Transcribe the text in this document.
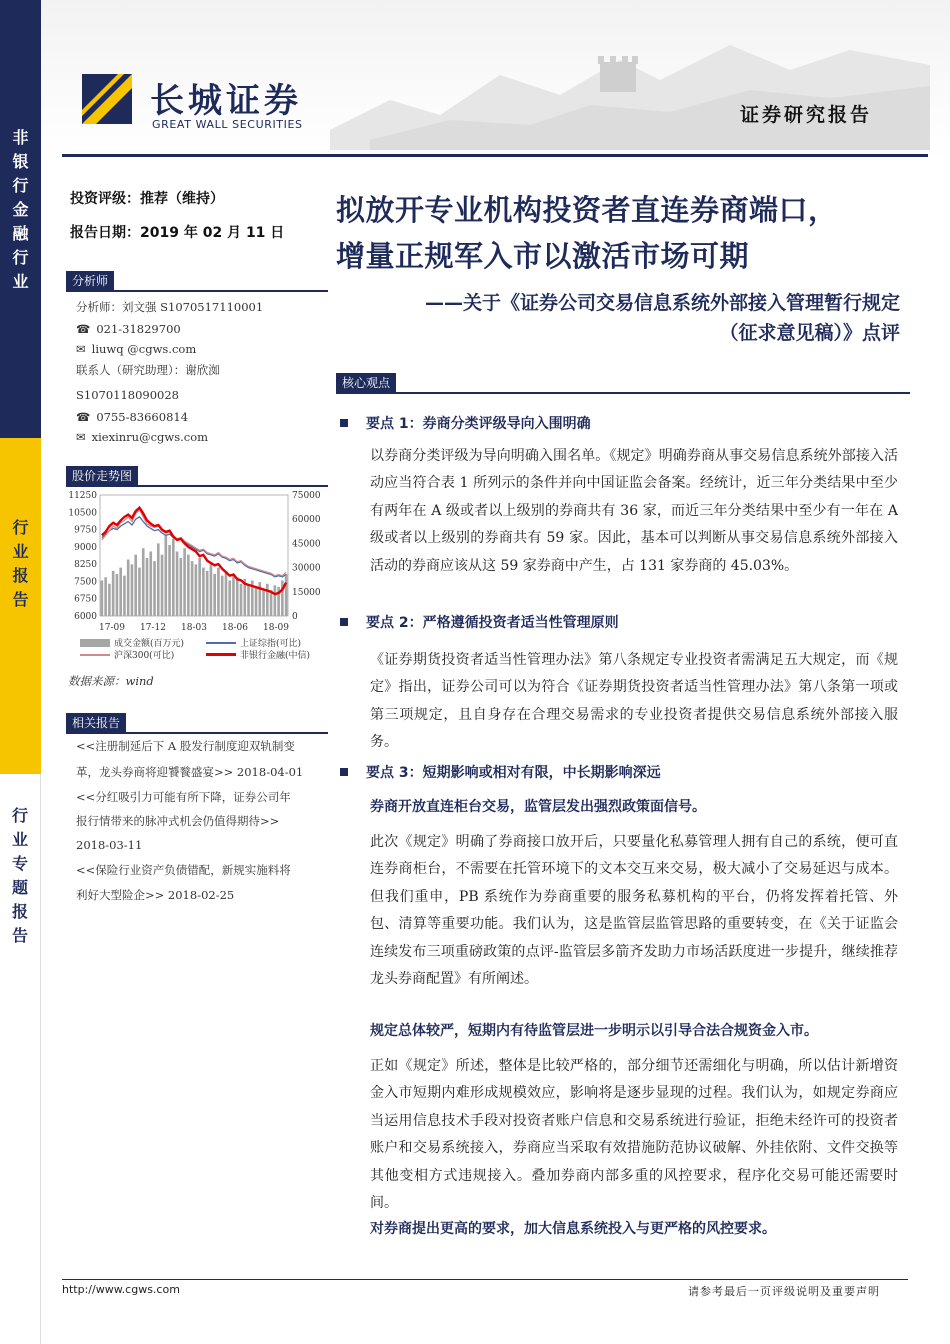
非
银
行
金
融
行
业
行
业
报
告
行
业
专
题
报
告
长城证券
GREAT WALL SECURITIES	证券研究报告
投资评级：推荐（维持）
报告日期：2019 年 02 月 11 日
分析师
分析师：刘文强 S1070517110001
☎ 021-31829700
✉ liuwq @cgws.com
联系人（研究助理）：谢欣洳
S1070118090028
☎ 0755-83660814
✉ xiexinru@cgws.com
股价走势图
11250
10500
9750
9000
8250
7500
6750
6000
75000
60000
45000
30000
15000
0
17-09 17-12 18-03 18-06 18-09
成交金额(百万元)	上证综指(可比)
沪深300(可比)	非银行金融(中信)
数据来源：wind
相关报告
<<注册制延后下 A 股发行制度迎双轨制变
革，龙头券商将迎饕餮盛宴>> 2018-04-01
<<分红吸引力可能有所下降，证券公司年
报行情带来的脉冲式机会仍值得期待>>
2018-03-11
<<保险行业资产负债错配，新规实施料将
利好大型险企>> 2018-02-25
拟放开专业机构投资者直连券商端口，
增量正规军入市以激活市场可期
——关于《证券公司交易信息系统外部接入管理暂行规定
（征求意见稿）》点评
核心观点
要点 1：券商分类评级导向入围明确
以券商分类评级为导向明确入围名单。《规定》明确券商从事交易信息系统外部接入活动应当符合表 1 所列示的条件并向中国证监会备案。经统计，近三年分类结果中至少有两年在 A 级或者以上级别的券商共有 36 家，而近三年分类结果中至少有一年在 A 级或者以上级别的券商共有 59 家。因此，基本可以判断从事交易信息系统外部接入活动的券商应该从这 59 家券商中产生，占 131 家券商的 45.03%。
要点 2：严格遵循投资者适当性管理原则
《证券期货投资者适当性管理办法》第八条规定专业投资者需满足五大规定，而《规定》指出，证券公司可以为符合《证券期货投资者适当性管理办法》第八条第一项或第三项规定，且自身存在合理交易需求的专业投资者提供交易信息系统外部接入服务。
要点 3：短期影响或相对有限，中长期影响深远
券商开放直连柜台交易，监管层发出强烈政策面信号。
此次《规定》明确了券商接口放开后，只要量化私募管理人拥有自己的系统，便可直连券商柜台，不需要在托管环境下的文本交互来交易，极大减小了交易延迟与成本。但我们重申，PB 系统作为券商重要的服务私募机构的平台，仍将发挥着托管、外包、清算等重要功能。我们认为，这是监管层监管思路的重要转变，在《关于证监会连续发布三项重磅政策的点评-监管层多箭齐发助力市场活跃度进一步提升，继续推荐龙头券商配置》有所阐述。
规定总体较严，短期内有待监管层进一步明示以引导合法合规资金入市。
正如《规定》所述，整体是比较严格的，部分细节还需细化与明确，所以估计新增资金入市短期内难形成规模效应，影响将是逐步显现的过程。我们认为，如规定券商应当运用信息技术手段对投资者账户信息和交易系统进行验证，拒绝未经许可的投资者账户和交易系统接入，券商应当采取有效措施防范协议破解、外挂依附、文件交换等其他变相方式违规接入。叠加券商内部多重的风控要求，程序化交易可能还需要时间。
对券商提出更高的要求，加大信息系统投入与更严格的风控要求。
http://www.cgws.com	请参考最后一页评级说明及重要声明
